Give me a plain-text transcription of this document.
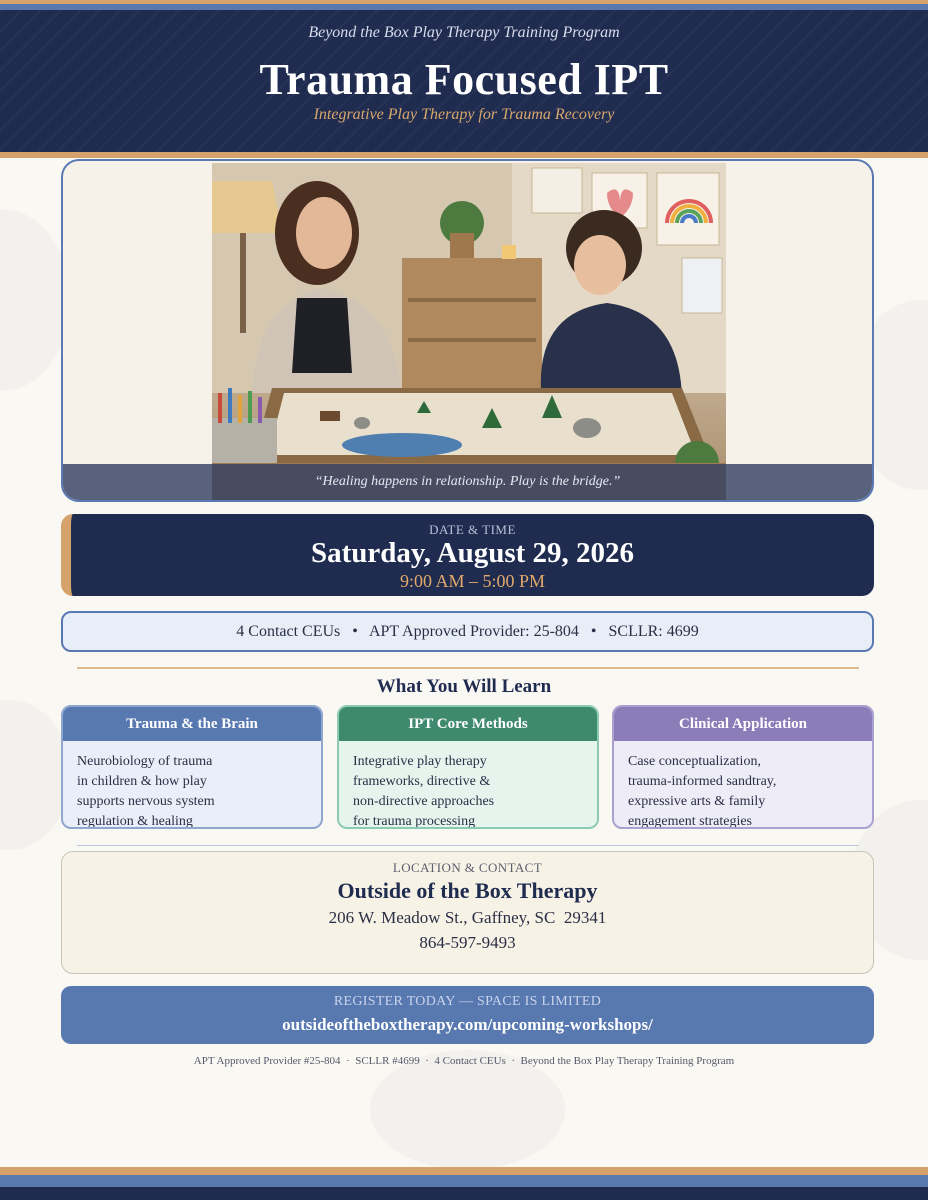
Beyond the Box Play Therapy Training Program
Trauma Focused IPT
Integrative Play Therapy for Trauma Recovery
“Healing happens in relationship. Play is the bridge.”
DATE & TIME
Saturday, August 29, 2026
9:00 AM – 5:00 PM
4 Contact CEUs   •   APT Approved Provider: 25-804   •   SCLLR: 4699
What You Will Learn
Trauma & the Brain
Neurobiology of trauma
in children & how play
supports nervous system
regulation & healing
IPT Core Methods
Integrative play therapy
frameworks, directive &
non-directive approaches
for trauma processing
Clinical Application
Case conceptualization,
trauma-informed sandtray,
expressive arts & family
engagement strategies
LOCATION & CONTACT
Outside of the Box Therapy
206 W. Meadow St., Gaffney, SC  29341
864-597-9493
REGISTER TODAY — SPACE IS LIMITED
outsideoftheboxtherapy.com/upcoming-workshops/
APT Approved Provider #25-804  ·  SCLLR #4699  ·  4 Contact CEUs  ·  Beyond the Box Play Therapy Training Program
